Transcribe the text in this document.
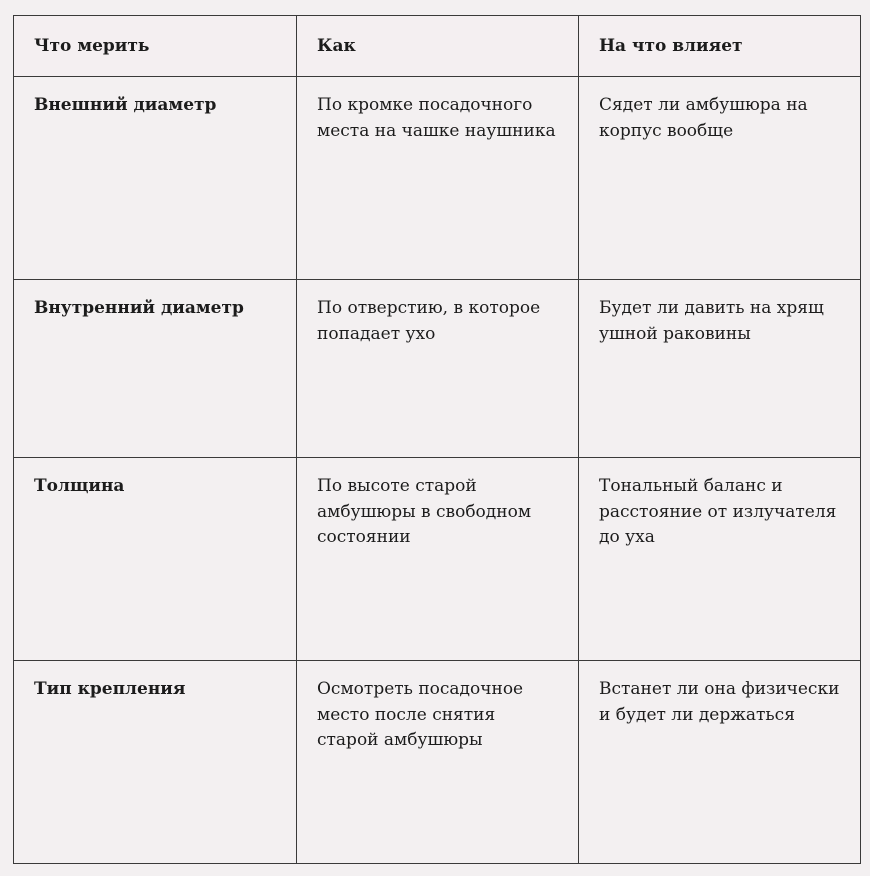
Что мерить	Как	На что влияет
Внешний диаметр	По кромке посадочного места на чашке наушника	Сядет ли амбушюра на корпус вообще
Внутренний диаметр	По отверстию, в которое попадает ухо	Будет ли давить на хрящ ушной раковины
Толщина	По высоте старой амбушюры в свободном состоянии	Тональный баланс и расстояние от излучателя до уха
Тип крепления	Осмотреть посадочное место после снятия старой амбушюры	Встанет ли она физически и будет ли держаться
